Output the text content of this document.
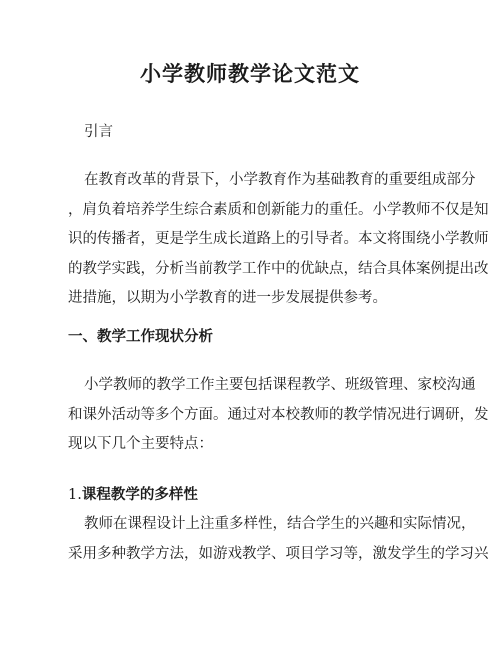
小学教师教学论文范文
引言
在教育改革的背景下，小学教育作为基础教育的重要组成部分
，肩负着培养学生综合素质和创新能力的重任。小学教师不仅是知
识的传播者，更是学生成长道路上的引导者。本文将围绕小学教师
的教学实践，分析当前教学工作中的优缺点，结合具体案例提出改
进措施，以期为小学教育的进一步发展提供参考。
一、教学工作现状分析
小学教师的教学工作主要包括课程教学、班级管理、家校沟通
和课外活动等多个方面。通过对本校教师的教学情况进行调研，发
现以下几个主要特点：
1.课程教学的多样性
教师在课程设计上注重多样性，结合学生的兴趣和实际情况，
采用多种教学方法，如游戏教学、项目学习等，激发学生的学习兴
